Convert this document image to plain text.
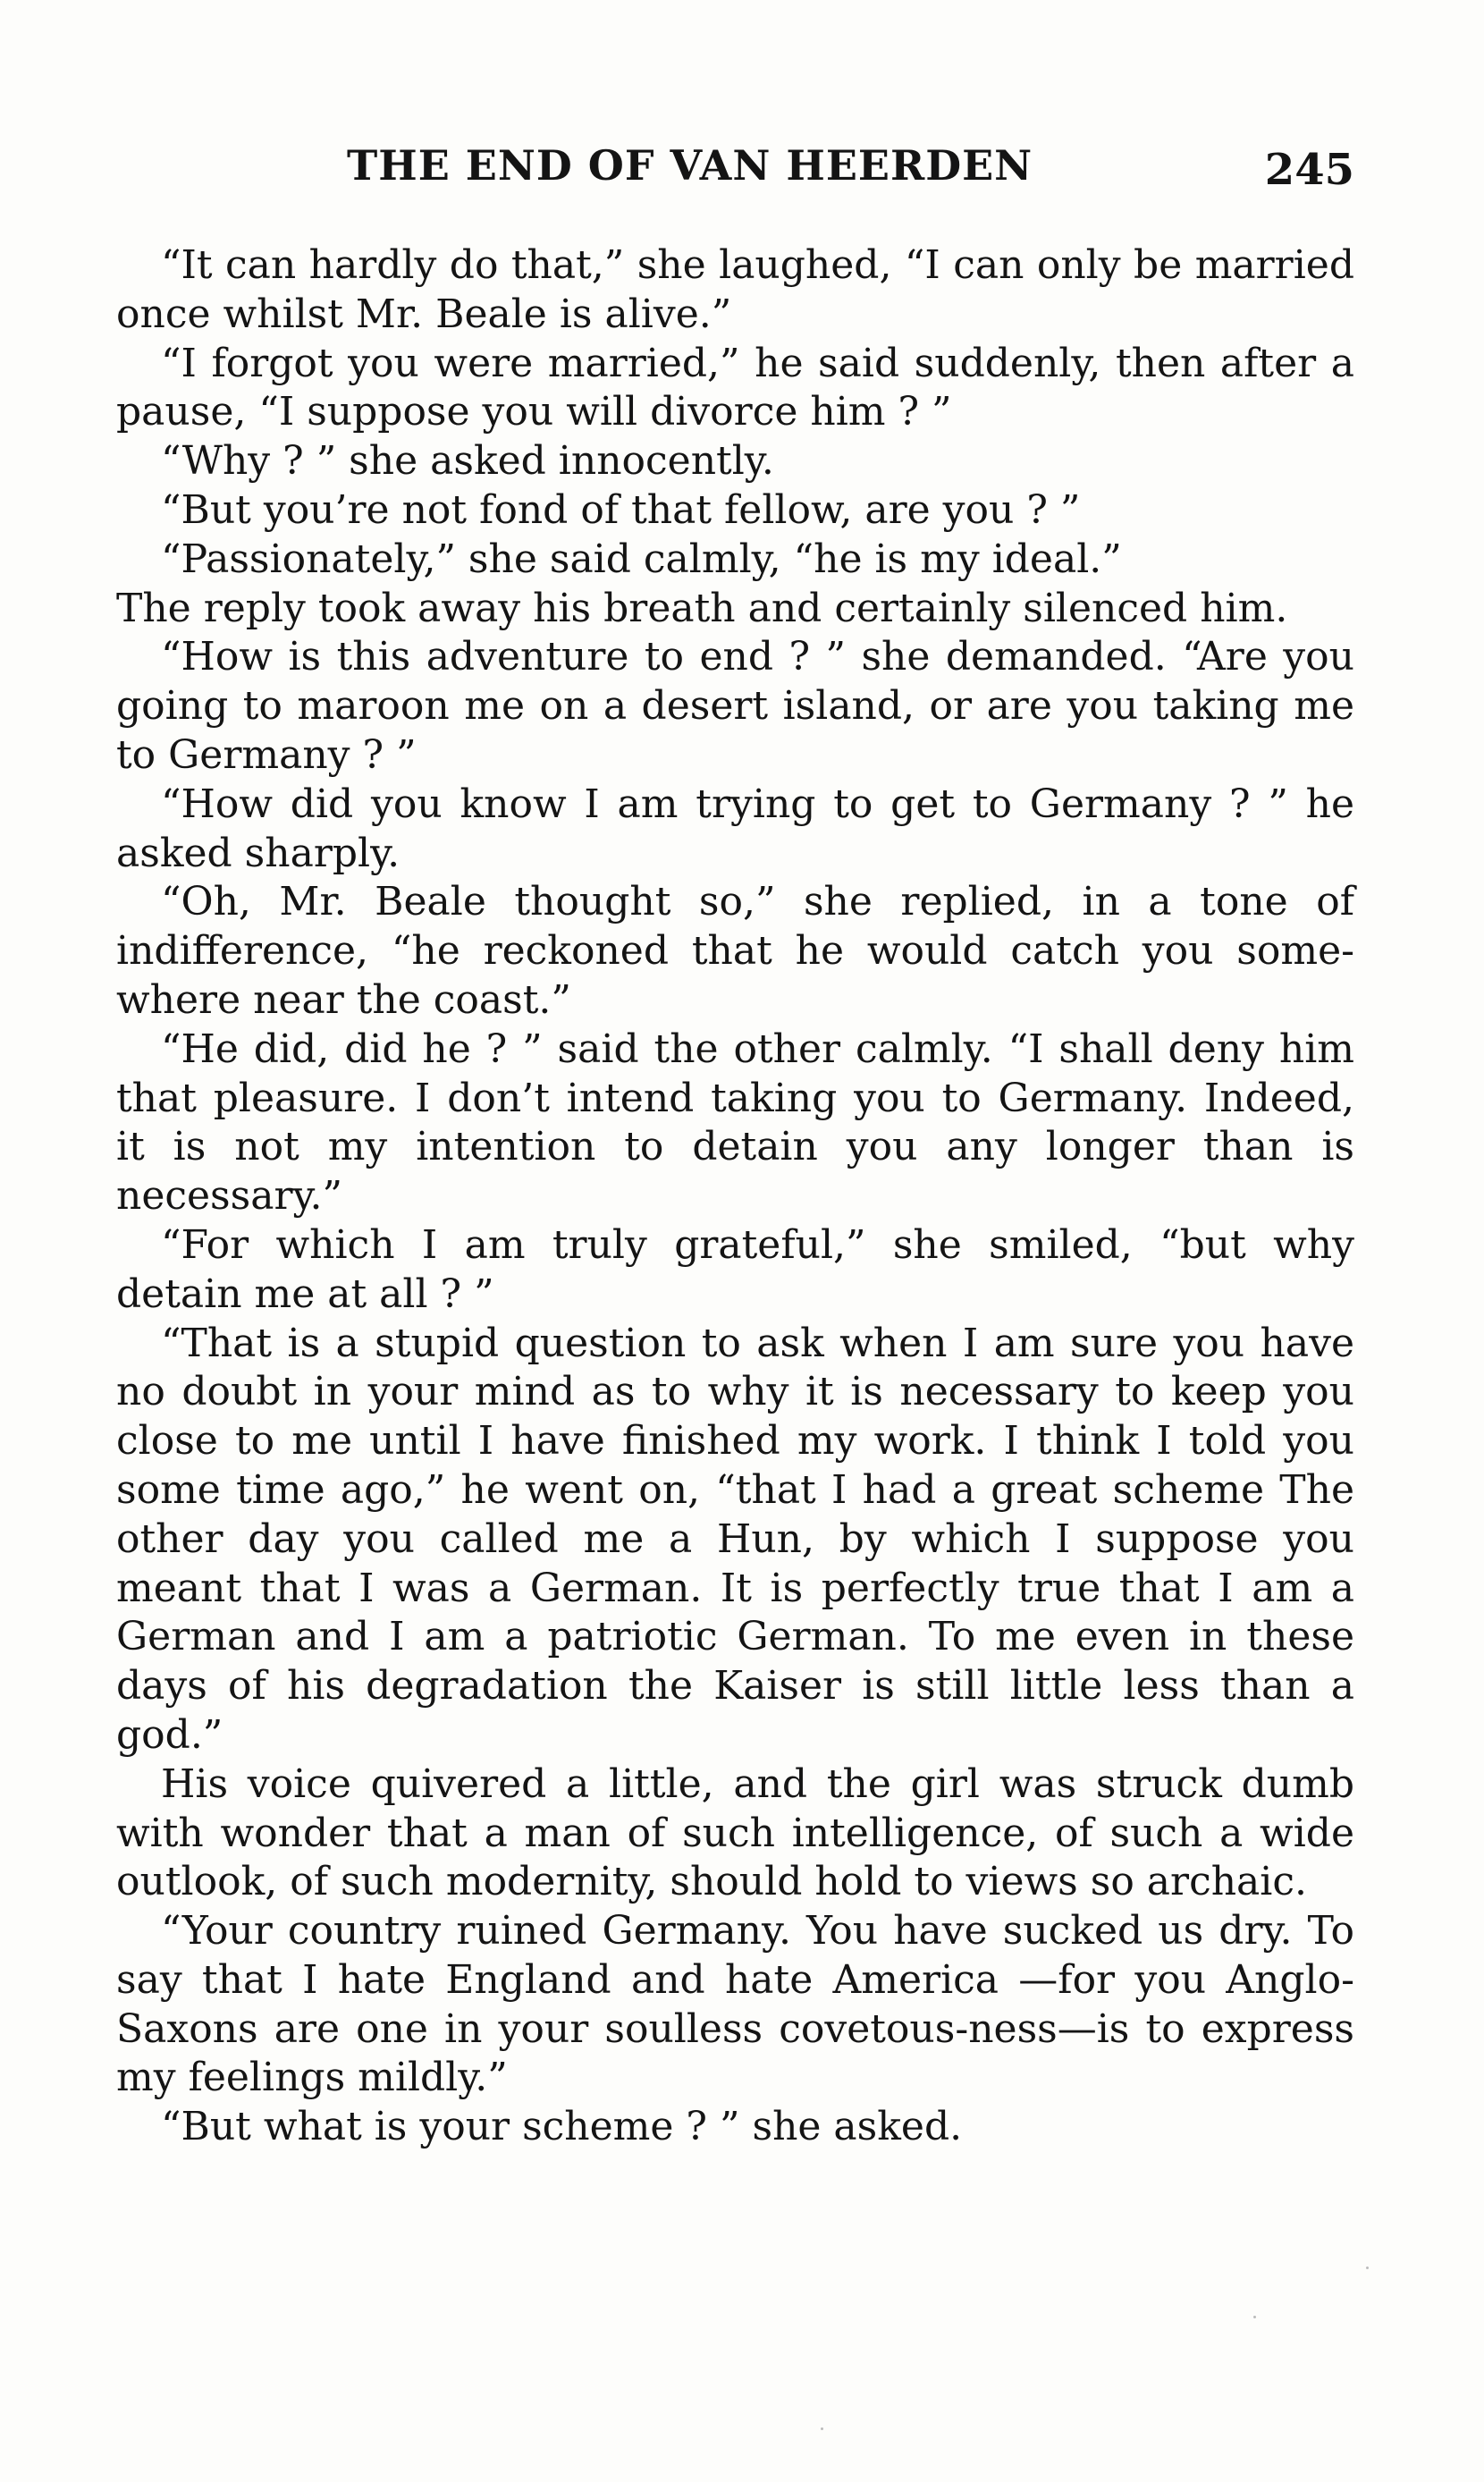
THE END OF VAN HEERDEN	245

“It can hardly do that,” she laughed, “I can only be married once whilst Mr. Beale is alive.”

“I forgot you were married,” he said suddenly, then after a pause, “I suppose you will divorce him ? ”

“Why ? ” she asked innocently.

“But you’re not fond of that fellow, are you ? ”

“Passionately,” she said calmly, “he is my ideal.”

The reply took away his breath and certainly silenced him.

“How is this adventure to end ? ” she demanded. “Are you going to maroon me on a desert island, or are you taking me to Germany ? ”

“How did you know I am trying to get to Germany ? ” he asked sharply.

“Oh, Mr. Beale thought so,” she replied, in a tone of indifference, “he reckoned that he would catch you some-where near the coast.”

“He did, did he ? ” said the other calmly. “I shall deny him that pleasure. I don’t intend taking you to Germany. Indeed, it is not my intention to detain you any longer than is necessary.”

“For which I am truly grateful,” she smiled, “but why detain me at all ? ”

“That is a stupid question to ask when I am sure you have no doubt in your mind as to why it is necessary to keep you close to me until I have finished my work. I think I told you some time ago,” he went on, “that I had a great scheme The other day you called me a Hun, by which I suppose you meant that I was a German. It is perfectly true that I am a German and I am a patriotic German. To me even in these days of his degradation the Kaiser is still little less than a god.”

His voice quivered a little, and the girl was struck dumb with wonder that a man of such intelligence, of such a wide outlook, of such modernity, should hold to views so archaic.

“Your country ruined Germany. You have sucked us dry. To say that I hate England and hate America —for you Anglo-Saxons are one in your soulless covetous-ness—is to express my feelings mildly.”

“But what is your scheme ? ” she asked.
